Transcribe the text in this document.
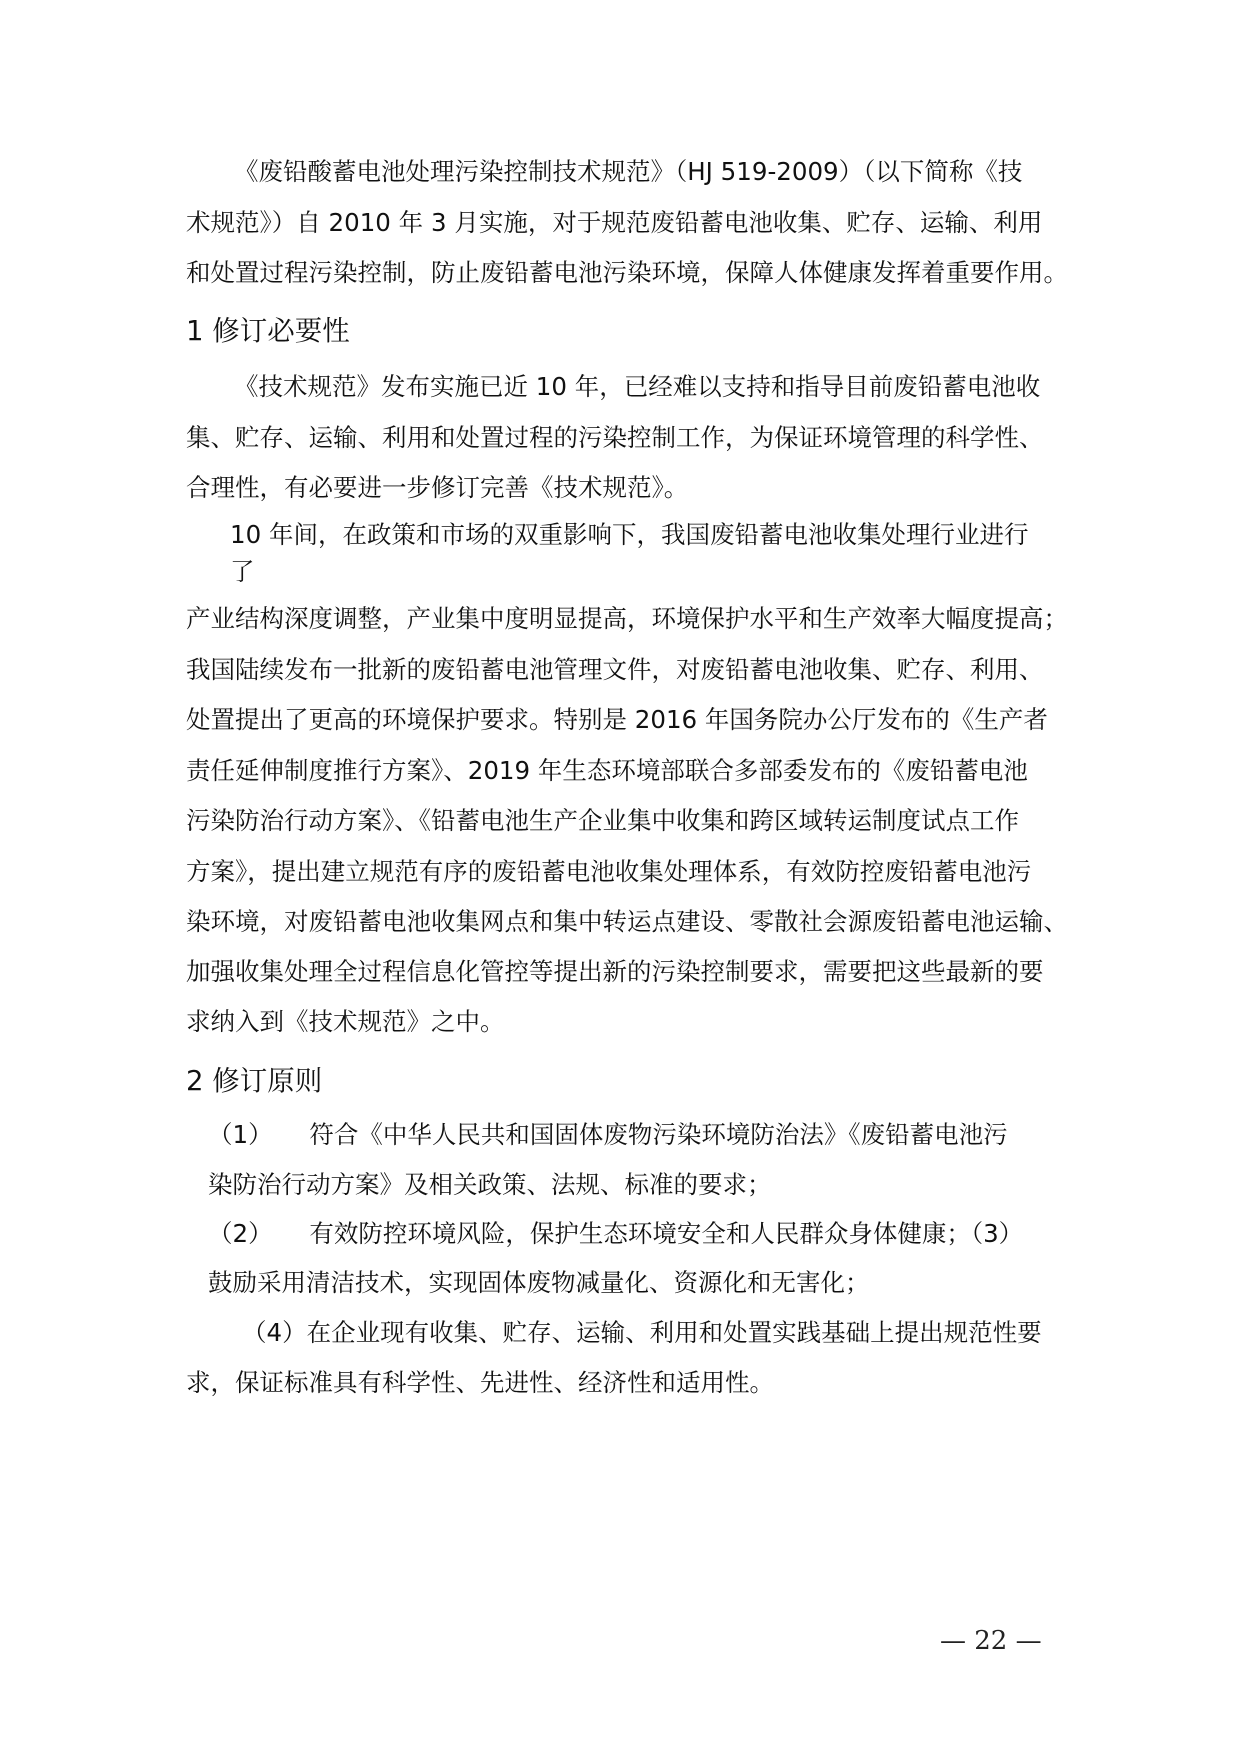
《废铅酸蓄电池处理污染控制技术规范》（HJ 519-2009）（以下简称《技
术规范》）自 2010 年 3 月实施，对于规范废铅蓄电池收集、贮存、运输、利用
和处置过程污染控制，防止废铅蓄电池污染环境，保障人体健康发挥着重要作用。
1 修订必要性
《技术规范》发布实施已近 10 年，已经难以支持和指导目前废铅蓄电池收
集、贮存、运输、利用和处置过程的污染控制工作，为保证环境管理的科学性、
合理性，有必要进一步修订完善《技术规范》。
10 年间，在政策和市场的双重影响下，我国废铅蓄电池收集处理行业进行
了
产业结构深度调整，产业集中度明显提高，环境保护水平和生产效率大幅度提高；
我国陆续发布一批新的废铅蓄电池管理文件，对废铅蓄电池收集、贮存、利用、
处置提出了更高的环境保护要求。特别是 2016 年国务院办公厅发布的《生产者
责任延伸制度推行方案》、2019 年生态环境部联合多部委发布的《废铅蓄电池
污染防治行动方案》、《铅蓄电池生产企业集中收集和跨区域转运制度试点工作
方案》，提出建立规范有序的废铅蓄电池收集处理体系，有效防控废铅蓄电池污
染环境，对废铅蓄电池收集网点和集中转运点建设、零散社会源废铅蓄电池运输、
加强收集处理全过程信息化管控等提出新的污染控制要求，需要把这些最新的要
求纳入到《技术规范》之中。
2 修订原则
（1）　　符合《中华人民共和国固体废物污染环境防治法》《废铅蓄电池污
染防治行动方案》及相关政策、法规、标准的要求；
（2）　　有效防控环境风险，保护生态环境安全和人民群众身体健康；（3）
鼓励采用清洁技术，实现固体废物减量化、资源化和无害化；
（4）在企业现有收集、贮存、运输、利用和处置实践基础上提出规范性要
求，保证标准具有科学性、先进性、经济性和适用性。
— 22 —
